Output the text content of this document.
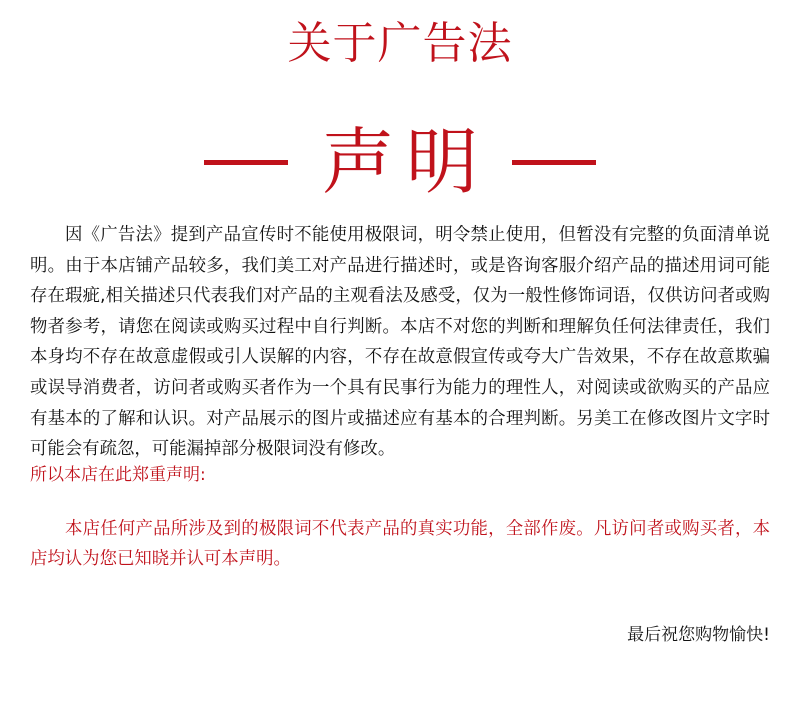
关于广告法
声明

因《广告法》提到产品宣传时不能使用极限词，明令禁止使用，但暂没有完整的负面清单说明。由于本店铺产品较多，我们美工对产品进行描述时，或是咨询客服介绍产品的描述用词可能存在瑕疵,相关描述只代表我们对产品的主观看法及感受，仅为一般性修饰词语，仅供访问者或购物者参考，请您在阅读或购买过程中自行判断。本店不对您的判断和理解负任何法律责任，我们本身均不存在故意虚假或引人误解的内容，不存在故意假宣传或夸大广告效果，不存在故意欺骗或误导消费者，访问者或购买者作为一个具有民事行为能力的理性人，对阅读或欲购买的产品应有基本的了解和认识。对产品展示的图片或描述应有基本的合理判断。另美工在修改图片文字时可能会有疏忽，可能漏掉部分极限词没有修改。

所以本店在此郑重声明:

本店任何产品所涉及到的极限词不代表产品的真实功能，全部作废。凡访问者或购买者，本店均认为您已知晓并认可本声明。

最后祝您购物愉快!
